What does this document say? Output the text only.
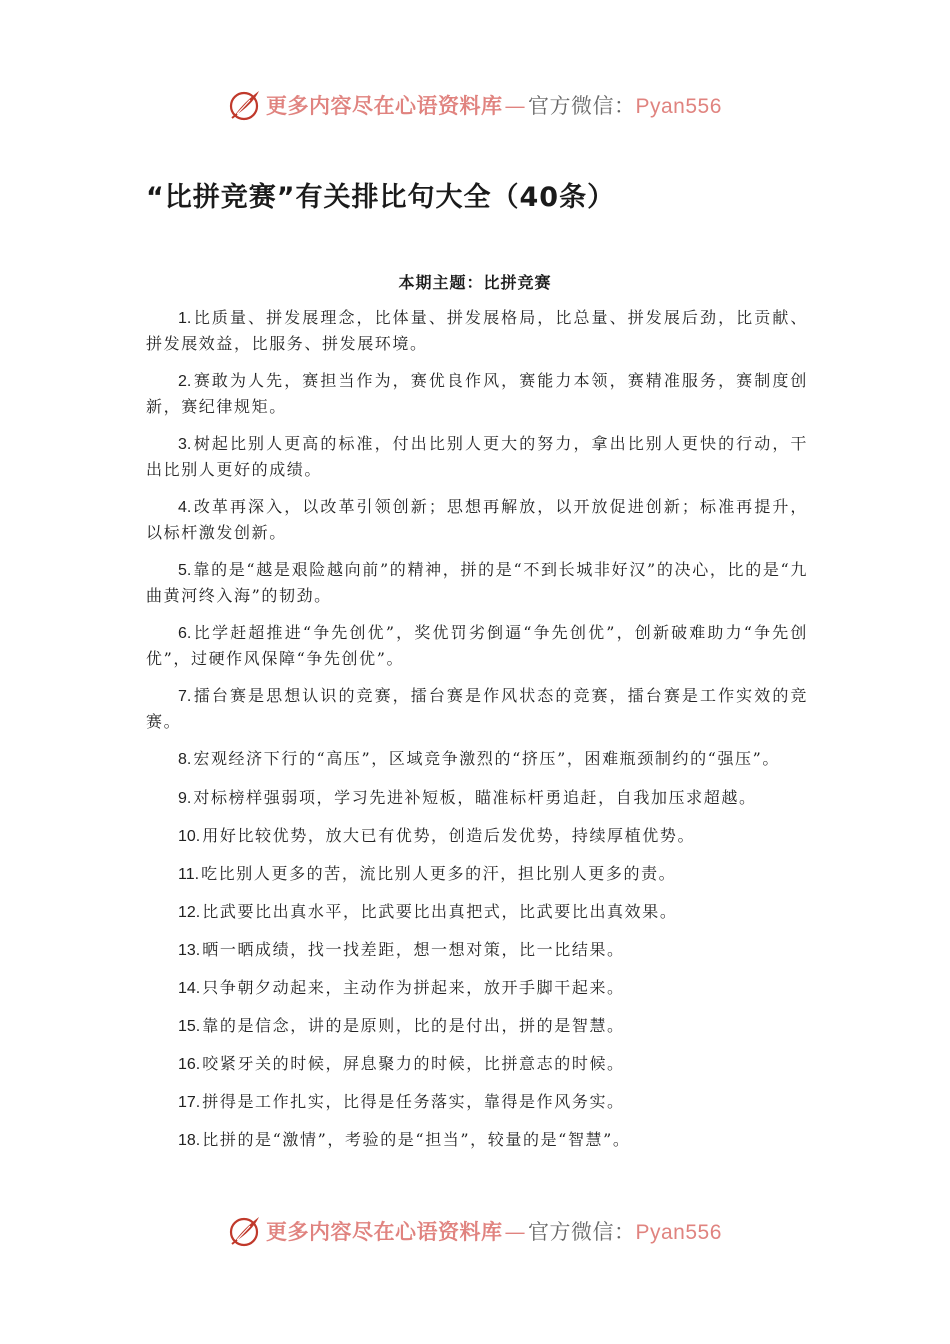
更多内容尽在心语资料库 — 官方微信： Pyan556
“比拼竞赛”有关排比句大全（40条）
本期主题：比拼竞赛
1. 比质量、拼发展理念，比体量、拼发展格局，比总量、拼发展后劲，比贡献、拼发展效益，比服务、拼发展环境。
2. 赛敢为人先，赛担当作为，赛优良作风，赛能力本领，赛精准服务，赛制度创新，赛纪律规矩。
3. 树起比别人更高的标准，付出比别人更大的努力，拿出比别人更快的行动，干出比别人更好的成绩。
4. 改革再深入，以改革引领创新；思想再解放，以开放促进创新；标准再提升，以标杆激发创新。
5. 靠的是“越是艰险越向前”的精神，拼的是“不到长城非好汉”的决心，比的是“九曲黄河终入海”的韧劲。
6. 比学赶超推进“争先创优”，奖优罚劣倒逼“争先创优”，创新破难助力“争先创优”，过硬作风保障“争先创优”。
7. 擂台赛是思想认识的竞赛，擂台赛是作风状态的竞赛，擂台赛是工作实效的竞赛。
8. 宏观经济下行的“高压”，区域竞争激烈的“挤压”，困难瓶颈制约的“强压”。
9. 对标榜样强弱项，学习先进补短板，瞄准标杆勇追赶，自我加压求超越。
10. 用好比较优势，放大已有优势，创造后发优势，持续厚植优势。
11. 吃比别人更多的苦，流比别人更多的汗，担比别人更多的责。
12. 比武要比出真水平，比武要比出真把式，比武要比出真效果。
13. 晒一晒成绩，找一找差距，想一想对策，比一比结果。
14. 只争朝夕动起来，主动作为拼起来，放开手脚干起来。
15. 靠的是信念，讲的是原则，比的是付出，拼的是智慧。
16. 咬紧牙关的时候，屏息聚力的时候，比拼意志的时候。
17. 拼得是工作扎实，比得是任务落实，靠得是作风务实。
18. 比拼的是“激情”，考验的是“担当”，较量的是“智慧”。
更多内容尽在心语资料库 — 官方微信： Pyan556
